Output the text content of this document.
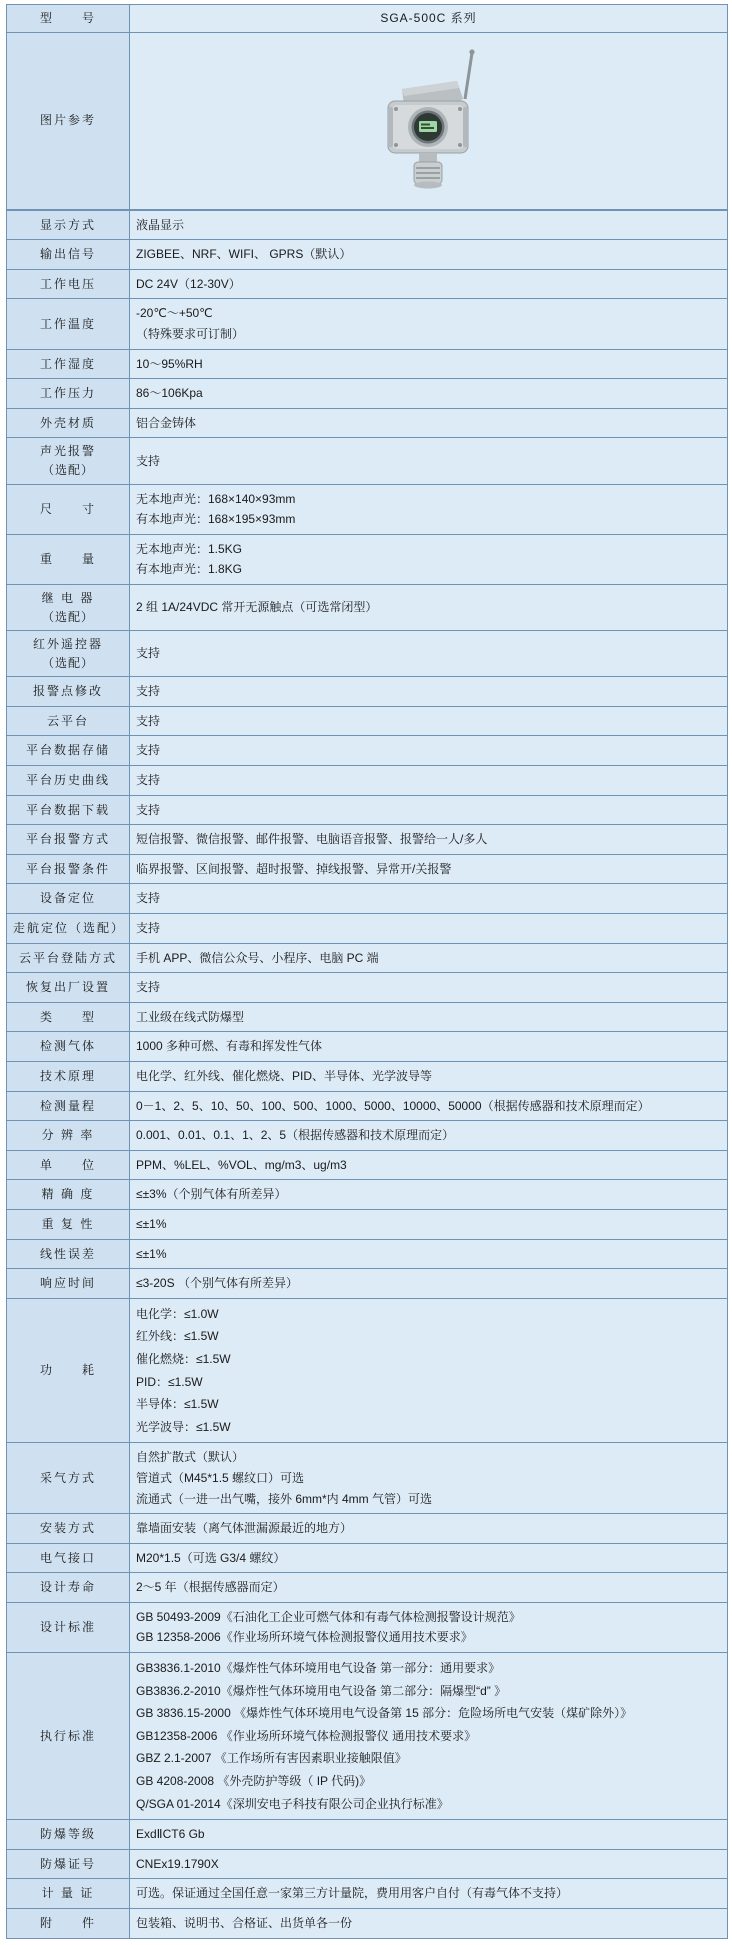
型　　号	SGA-500C 系列
图片参考	
显示方式	液晶显示

输出信号	ZIGBEE、NRF、WIFI、 GPRS（默认）

工作电压	DC 24V（12-30V）

工作温度	-20℃～+50℃
（特殊要求可订制）

工作湿度	10～95%RH

工作压力	86～106Kpa

外壳材质	铝合金铸体

声光报警
（选配）	支持

尺　　寸	无本地声光：168×140×93mm
有本地声光：168×195×93mm

重　　量	无本地声光：1.5KG
有本地声光：1.8KG

继 电 器
（选配）	2 组 1A/24VDC 常开无源触点（可选常闭型）

红外遥控器
（选配）	支持

报警点修改	支持

云平台	支持

平台数据存储	支持

平台历史曲线	支持

平台数据下载	支持

平台报警方式	短信报警、微信报警、邮件报警、电脑语音报警、报警给一人/多人

平台报警条件	临界报警、区间报警、超时报警、掉线报警、异常开/关报警

设备定位	支持

走航定位（选配）	支持

云平台登陆方式	手机 APP、微信公众号、小程序、电脑 PC 端

恢复出厂设置	支持

类　　型	工业级在线式防爆型

检测气体	1000 多种可燃、有毒和挥发性气体

技术原理	电化学、红外线、催化燃烧、PID、半导体、光学波导等

检测量程	0－1、2、5、10、50、100、500、1000、5000、10000、50000（根据传感器和技术原理而定）

分 辨 率	0.001、0.01、0.1、1、2、5（根据传感器和技术原理而定）

单　　位	PPM、%LEL、%VOL、mg/m3、ug/m3

精 确 度	≤±3%（个别气体有所差异）

重 复 性	≤±1%

线性误差	≤±1%

响应时间	≤3-20S （个别气体有所差异）

功　　耗	
电化学：≤1.0W
红外线：≤1.5W
催化燃烧：≤1.5W
PID：≤1.5W
半导体：≤1.5W
光学波导：≤1.5W

采气方式	自然扩散式（默认）
管道式（M45*1.5 螺纹口）可选
流通式（一进一出气嘴，接外 6mm*内 4mm 气管）可选

安装方式	靠墙面安装（离气体泄漏源最近的地方）

电气接口	M20*1.5（可选 G3/4 螺纹）

设计寿命	2～5 年（根据传感器而定）

设计标准	GB 50493-2009《石油化工企业可燃气体和有毒气体检测报警设计规范》
GB 12358-2006《作业场所环境气体检测报警仪通用技术要求》

执行标准	
GB3836.1-2010《爆炸性气体环境用电气设备 第一部分：通用要求》
GB3836.2-2010《爆炸性气体环境用电气设备 第二部分：隔爆型“d” 》
GB 3836.15-2000 《爆炸性气体环境用电气设备第 15 部分：危险场所电气安装（煤矿除外）》
GB12358-2006 《作业场所环境气体检测报警仪 通用技术要求》
GBZ 2.1-2007 《工作场所有害因素职业接触限值》
GB 4208-2008 《外壳防护等级（ IP 代码)》
Q/SGA 01-2014《深圳安电子科技有限公司企业执行标准》

防爆等级	ExdⅡCT6 Gb

防爆证号	CNEx19.1790X

计 量 证	可选。保证通过全国任意一家第三方计量院，费用用客户自付（有毒气体不支持）

附　　件	包装箱、说明书、合格证、出货单各一份
